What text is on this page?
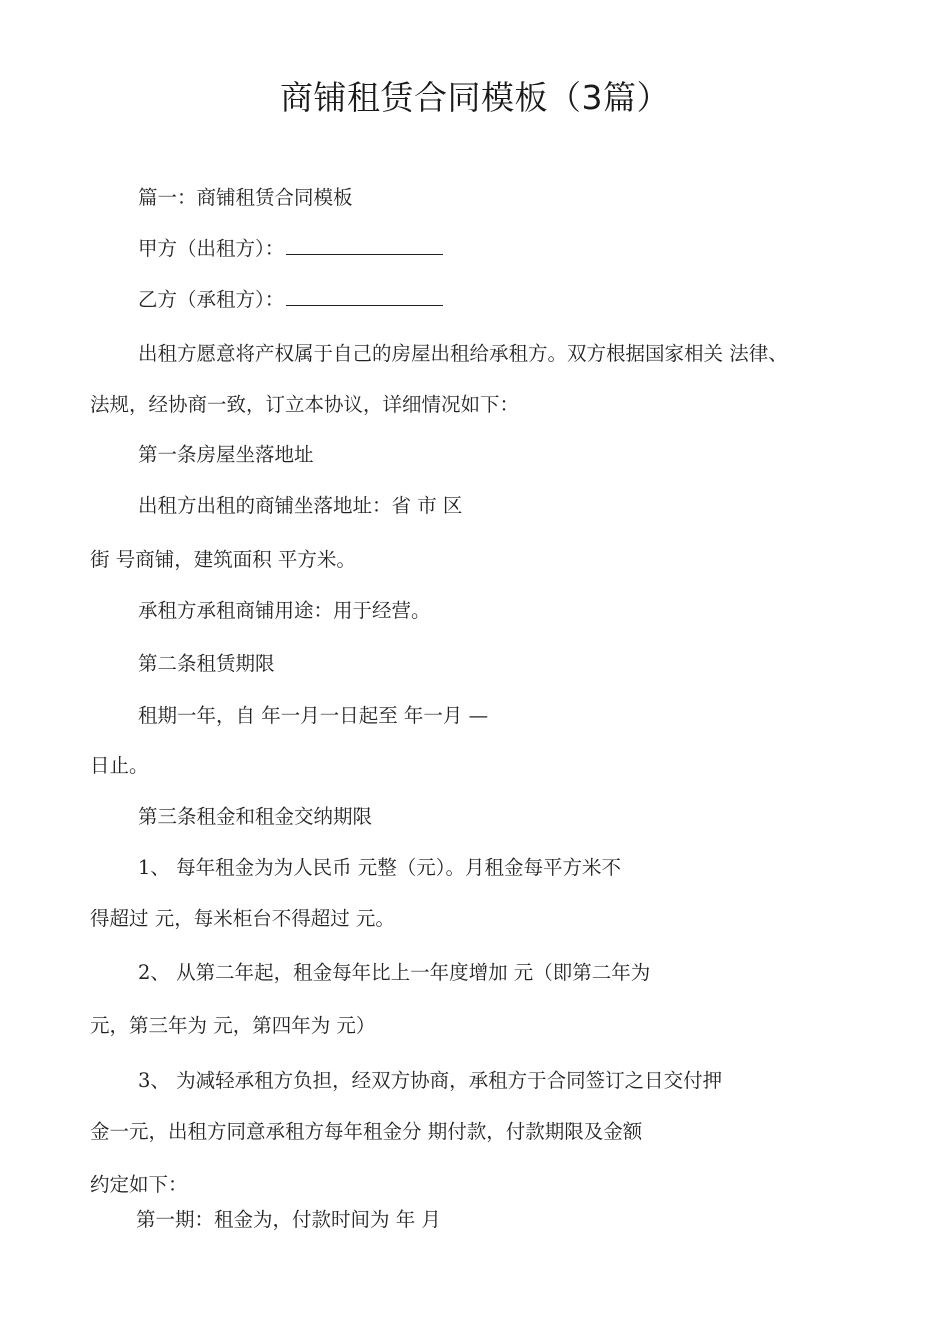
商铺租赁合同模板（3篇）
篇一：商铺租赁合同模板
甲方（出租方）：
乙方（承租方）：
出租方愿意将产权属于自己的房屋出租给承租方。双方根据国家相关 法律、
法规，经协商一致，订立本协议，详细情况如下：
第一条房屋坐落地址
出租方出租的商铺坐落地址：省 市 区
街 号商铺，建筑面积 平方米。
承租方承租商铺用途：用于经营。
第二条租赁期限
租期一年，自 年一月一日起至 年一月 —
日止。
第三条租金和租金交纳期限
1、 每年租金为为人民币 元整（元）。月租金每平方米不
得超过 元，每米柜台不得超过 元。
2、 从第二年起，租金每年比上一年度增加 元（即第二年为
元，第三年为 元，第四年为 元）
3、 为减轻承租方负担，经双方协商，承租方于合同签订之日交付押
金一元，出租方同意承租方每年租金分 期付款，付款期限及金额
约定如下：
第一期：租金为，付款时间为 年 月
